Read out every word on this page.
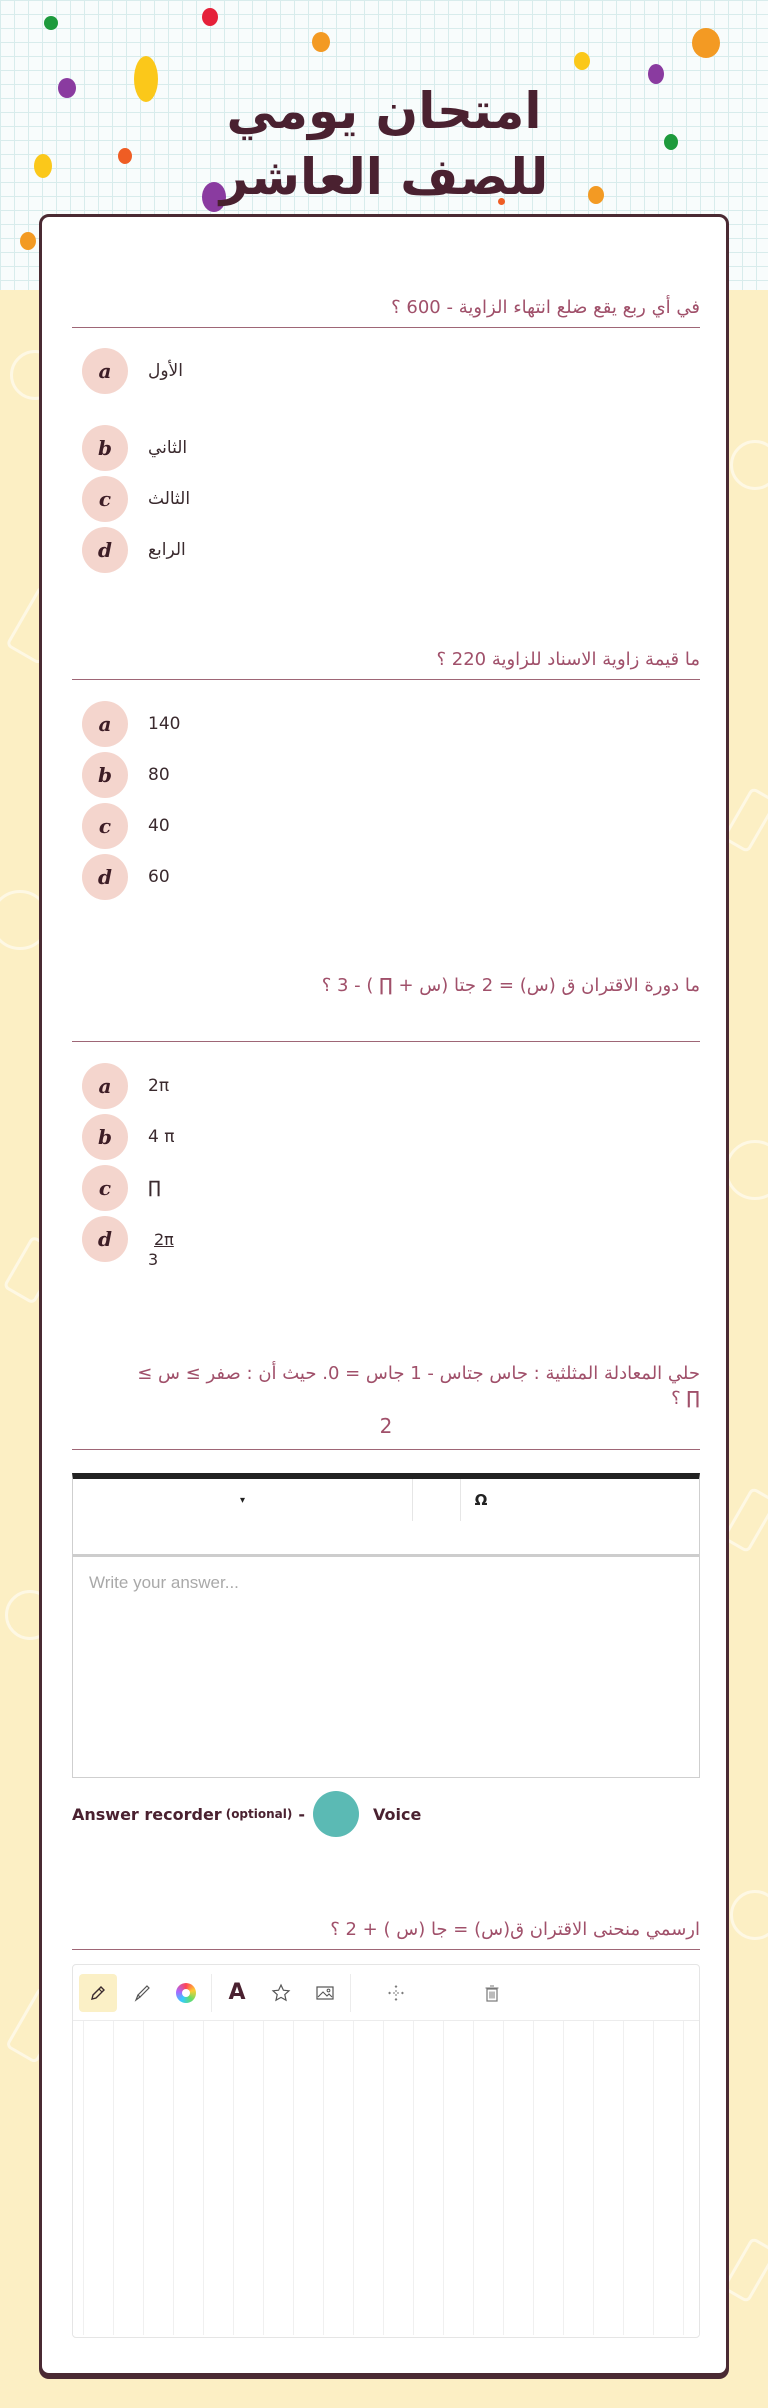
امتحان يومي للصف العاشر
في أي ربع يقع ضلع انتهاء الزاوية - 600 ؟
a	الأول
b	الثاني
c	الثالث
d	الرابع
ما قيمة زاوية الاسناد للزاوية 220 ؟
a	140
b	80
c	40
d	60
ما دورة الاقتران ق (س) = 2 جتا (س + ∏ ) - 3 ؟
a	2π
b	4 π
c	∏
d	$\frac{2\pi}{3}$
حلي المعادلة المثلثية : جاس جتاس - 1 جاس = 0. حيث أن : صفر ≥ س ≥
∏ ؟
2
▾	Ω
Write your answer...
Answer recorder (optional) -	Voice
ارسمي منحنى الاقتران ق(س) = جا (س ) + 2 ؟
A
